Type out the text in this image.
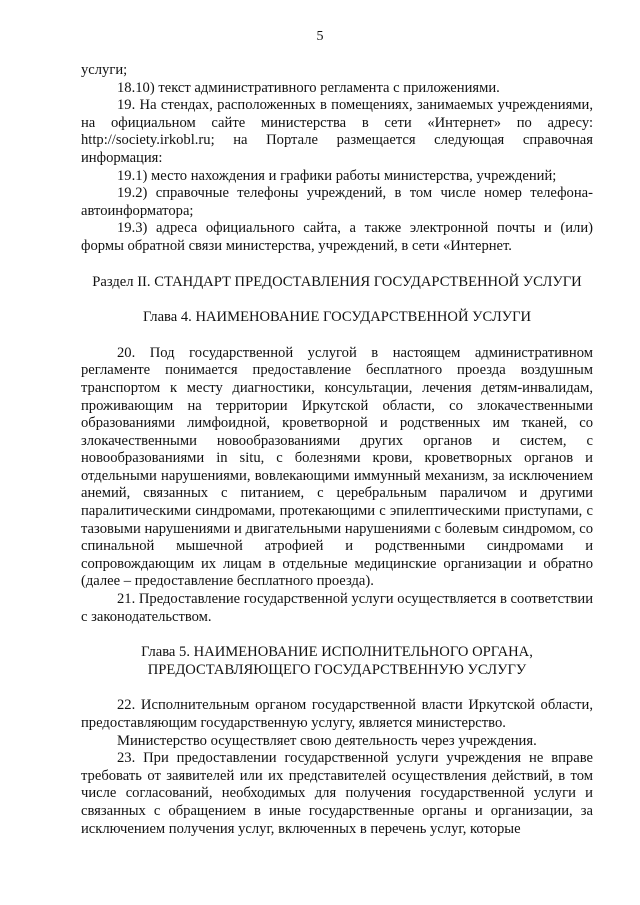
5

услуги;

18.10) текст административного регламента с приложениями.

19. На стендах, расположенных в помещениях, занимаемых учреждениями, на официальном сайте министерства в сети «Интернет» по адресу: http://society.irkobl.ru; на Портале размещается следующая справочная информация:

19.1) место нахождения и графики работы министерства, учреждений;

19.2) справочные телефоны учреждений, в том числе номер телефона-автоинформатора;

19.3) адреса официального сайта, а также электронной почты и (или) формы обратной связи министерства, учреждений, в сети «Интернет.

Раздел II. СТАНДАРТ ПРЕДОСТАВЛЕНИЯ ГОСУДАРСТВЕННОЙ УСЛУГИ

Глава 4. НАИМЕНОВАНИЕ ГОСУДАРСТВЕННОЙ УСЛУГИ

20. Под государственной услугой в настоящем административном регламенте понимается предоставление бесплатного проезда воздушным транспортом к месту диагностики, консультации, лечения детям-инвалидам, проживающим на территории Иркутской области, со злокачественными образованиями лимфоидной, кроветворной и родственных им тканей, со злокачественными новообразованиями других органов и систем, с новообразованиями in situ, с болезнями крови, кроветворных органов и отдельными нарушениями, вовлекающими иммунный механизм, за исключением анемий, связанных с питанием, с церебральным параличом и другими паралитическими синдромами, протекающими с эпилептическими приступами, с тазовыми нарушениями и двигательными нарушениями с болевым синдромом, со спинальной мышечной атрофией и родственными синдромами и сопровождающим их лицам в отдельные медицинские организации и обратно (далее – предоставление бесплатного проезда).

21. Предоставление государственной услуги осуществляется в соответствии с законодательством.

Глава 5. НАИМЕНОВАНИЕ ИСПОЛНИТЕЛЬНОГО ОРГАНА,
ПРЕДОСТАВЛЯЮЩЕГО ГОСУДАРСТВЕННУЮ УСЛУГУ

22. Исполнительным органом государственной власти Иркутской области, предоставляющим государственную услугу, является министерство.

Министерство осуществляет свою деятельность через учреждения.

23. При предоставлении государственной услуги учреждения не вправе требовать от заявителей или их представителей осуществления действий, в том числе согласований, необходимых для получения государственной услуги и связанных с обращением в иные государственные органы и организации, за исключением получения услуг, включенных в перечень услуг, которые
